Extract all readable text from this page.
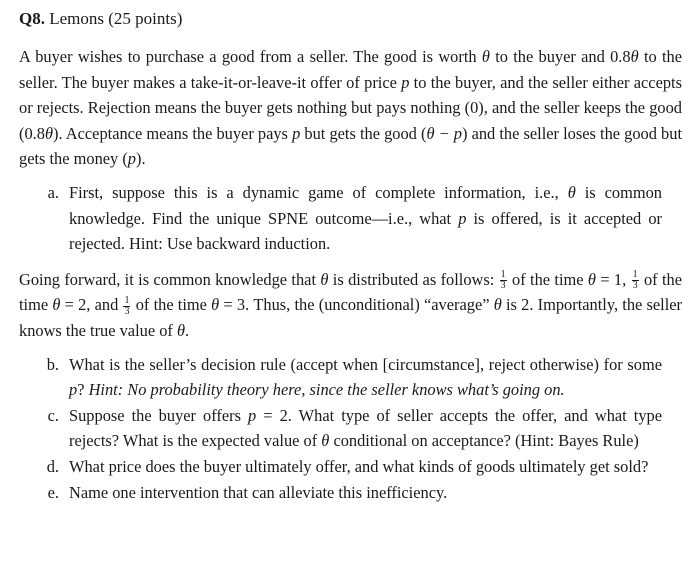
Q8. Lemons (25 points)

A buyer wishes to purchase a good from a seller. The good is worth θ to the buyer and 0.8θ to the seller. The buyer makes a take-it-or-leave-it offer of price p to the buyer, and the seller either accepts or rejects. Rejection means the buyer gets nothing but pays nothing (0), and the seller keeps the good (0.8θ). Acceptance means the buyer pays p but gets the good (θ − p) and the seller loses the good but gets the money (p).

a. First, suppose this is a dynamic game of complete information, i.e., θ is common knowledge. Find the unique SPNE outcome—i.e., what p is offered, is it accepted or rejected. Hint: Use backward induction.

Going forward, it is common knowledge that θ is distributed as follows: $\frac{1}{3}$ of the time θ = 1, $\frac{1}{3}$ of the time θ = 2, and $\frac{1}{3}$ of the time θ = 3. Thus, the (unconditional) “average” θ is 2. Importantly, the seller knows the true value of θ.

b. What is the seller’s decision rule (accept when [circumstance], reject otherwise) for some p? Hint: No probability theory here, since the seller knows what’s going on.
c. Suppose the buyer offers p = 2. What type of seller accepts the offer, and what type rejects? What is the expected value of θ conditional on acceptance? (Hint: Bayes Rule)
d. What price does the buyer ultimately offer, and what kinds of goods ultimately get sold?
e. Name one intervention that can alleviate this inefficiency.
